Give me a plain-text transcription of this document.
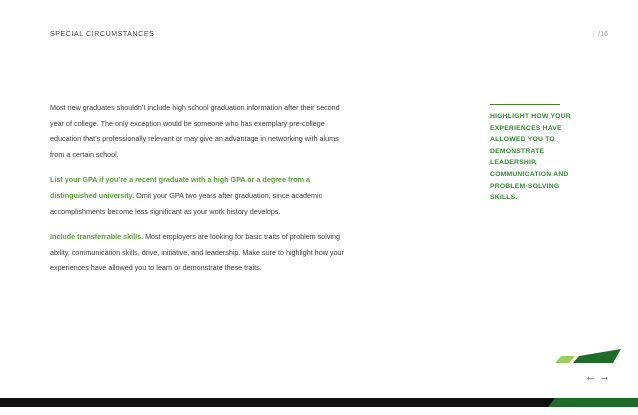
SPECIAL CIRCUMSTANCES	| /16

Most new graduates shouldn’t include high school graduation information after their second year of college. The only exception would be someone who has exemplary pre-college education that’s professionally relevant or may give an advantage in networking with alums from a certain school.

List your GPA if you’re a recent graduate with a high GPA or a degree from a distinguished university. Omit your GPA two years after graduation, since academic accomplishments become less significant as your work history develops.

Include transferrable skills. Most employers are looking for basic traits of problem solving ability, communication skills, drive, initiative, and leadership. Make sure to highlight how your experiences have allowed you to learn or demonstrate these traits.

HIGHLIGHT HOW YOUR EXPERIENCES HAVE ALLOWED YOU TO DEMONSTRATE LEADERSHIP, COMMUNICATION AND PROBLEM-SOLVING SKILLS.
←→
